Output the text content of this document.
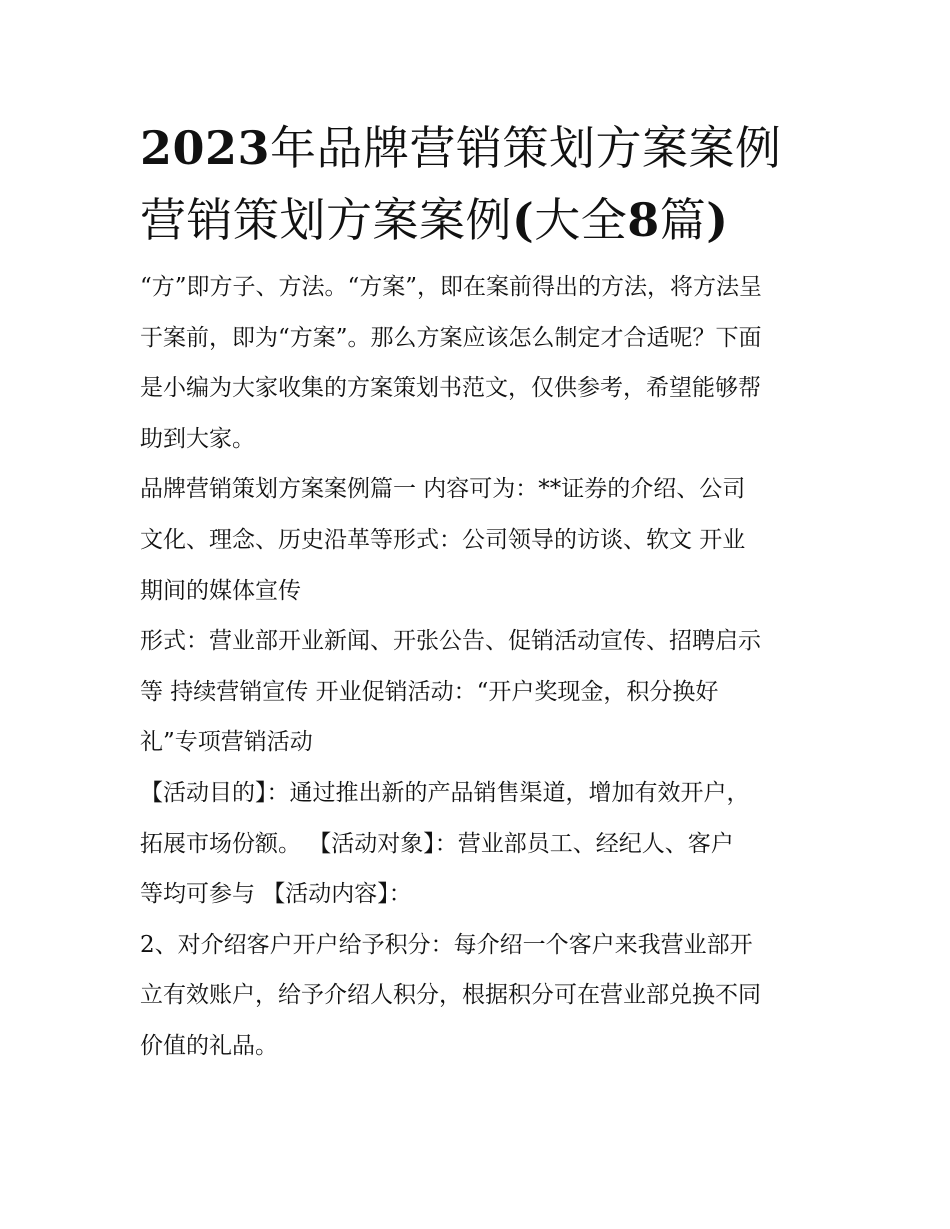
2023年品牌营销策划方案案例
营销策划方案案例(大全8篇)

“方”即方子、方法。“方案”，即在案前得出的方法，将方法呈
于案前，即为“方案”。那么方案应该怎么制定才合适呢？下面
是小编为大家收集的方案策划书范文，仅供参考，希望能够帮
助到大家。

品牌营销策划方案案例篇一 内容可为：**证券的介绍、公司
文化、理念、历史沿革等形式：公司领导的访谈、软文 开业
期间的媒体宣传

形式：营业部开业新闻、开张公告、促销活动宣传、招聘启示
等 持续营销宣传 开业促销活动：“开户奖现金，积分换好
礼”专项营销活动

【活动目的】：通过推出新的产品销售渠道，增加有效开户，
拓展市场份额。 【活动对象】：营业部员工、经纪人、客户
等均可参与 【活动内容】：

2、对介绍客户开户给予积分：每介绍一个客户来我营业部开
立有效账户，给予介绍人积分，根据积分可在营业部兑换不同
价值的礼品。
